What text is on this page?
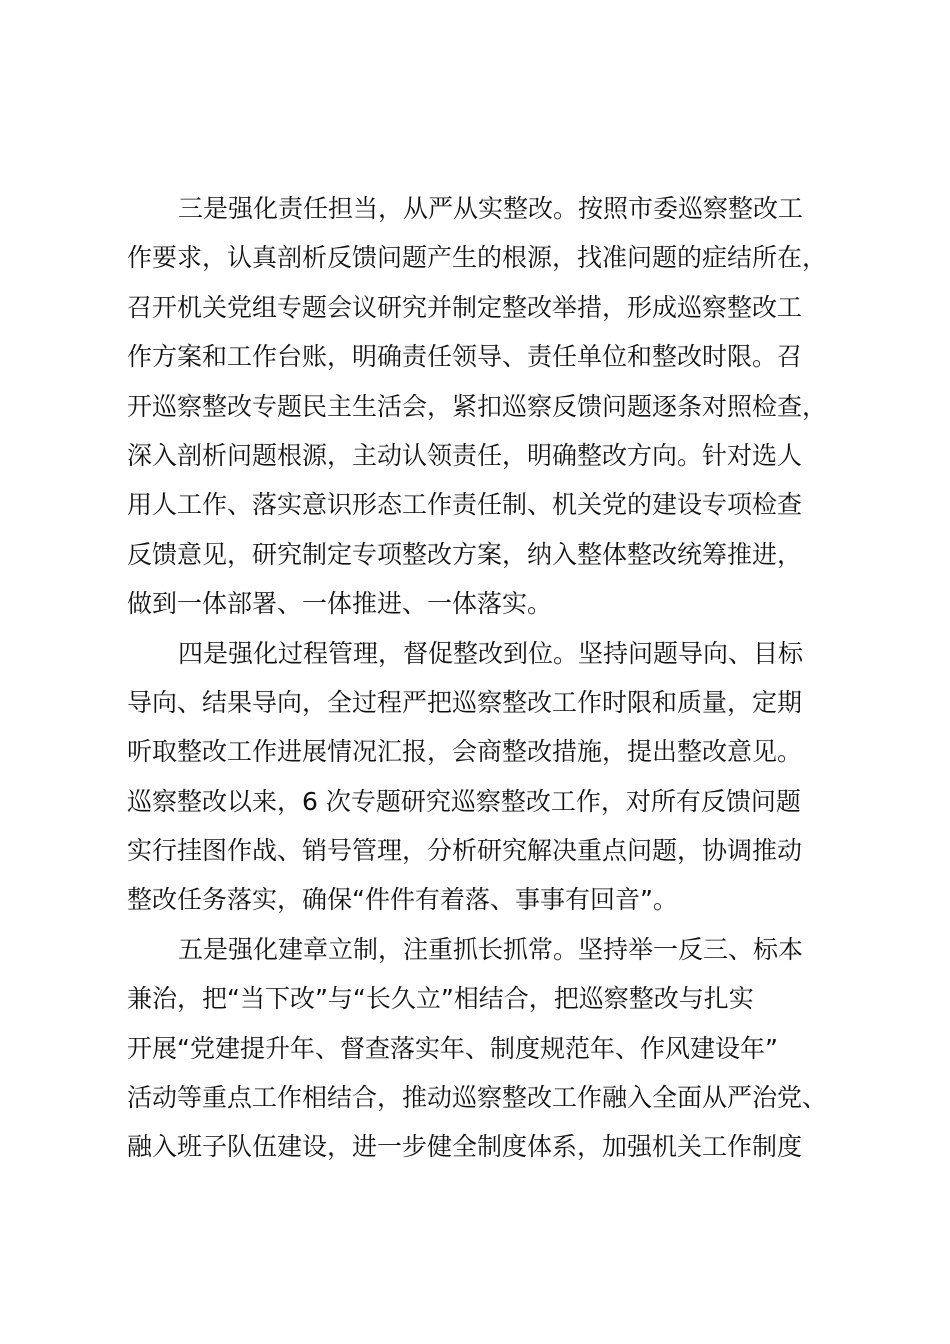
三是强化责任担当，从严从实整改。按照市委巡察整改工
作要求，认真剖析反馈问题产生的根源，找准问题的症结所在，
召开机关党组专题会议研究并制定整改举措，形成巡察整改工
作方案和工作台账，明确责任领导、责任单位和整改时限。召
开巡察整改专题民主生活会，紧扣巡察反馈问题逐条对照检查，
深入剖析问题根源，主动认领责任，明确整改方向。针对选人
用人工作、落实意识形态工作责任制、机关党的建设专项检查
反馈意见，研究制定专项整改方案，纳入整体整改统筹推进，
做到一体部署、一体推进、一体落实。
四是强化过程管理，督促整改到位。坚持问题导向、目标
导向、结果导向，全过程严把巡察整改工作时限和质量，定期
听取整改工作进展情况汇报，会商整改措施，提出整改意见。
巡察整改以来，6 次专题研究巡察整改工作，对所有反馈问题
实行挂图作战、销号管理，分析研究解决重点问题，协调推动
整改任务落实，确保“件件有着落、事事有回音”。
五是强化建章立制，注重抓长抓常。坚持举一反三、标本
兼治，把“当下改”与“长久立”相结合，把巡察整改与扎实
开展“党建提升年、督查落实年、制度规范年、作风建设年”
活动等重点工作相结合，推动巡察整改工作融入全面从严治党、
融入班子队伍建设，进一步健全制度体系，加强机关工作制度
